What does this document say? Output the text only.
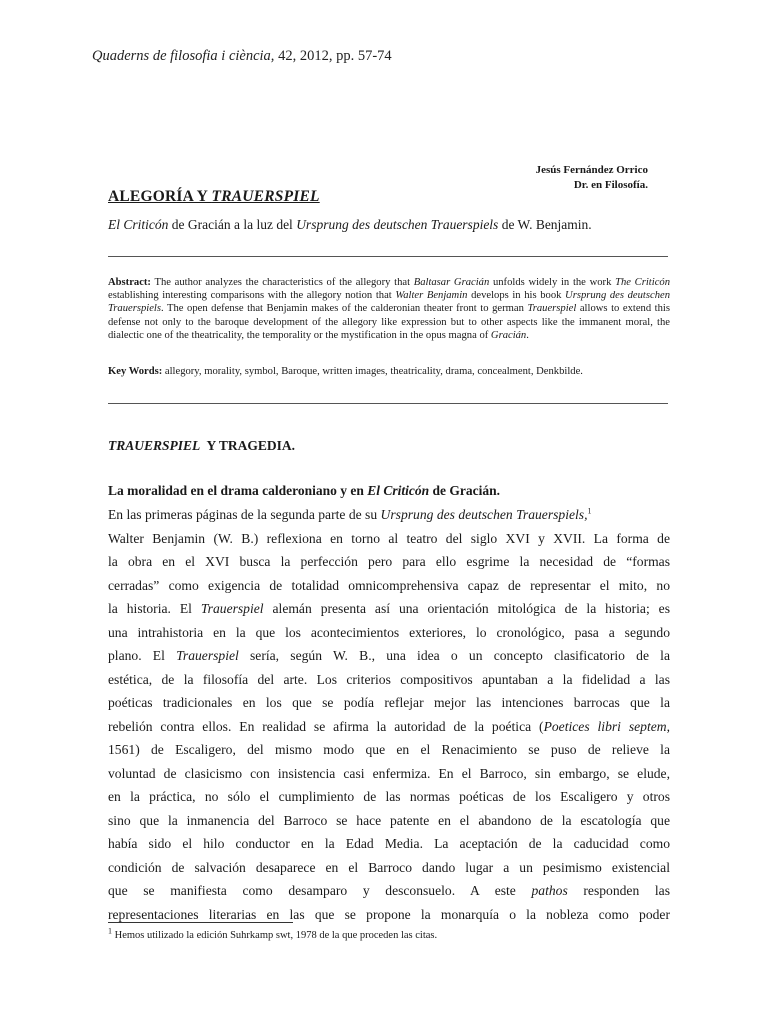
Quaderns de filosofia i ciència, 42, 2012, pp. 57-74
Jesús Fernández Orrico
Dr. en Filosofía.
ALEGORÍA Y TRAUERSPIEL
El Criticón de Gracián a la luz del Ursprung des deutschen Trauerspiels de W. Benjamin.
Abstract: The author analyzes the characteristics of the allegory that Baltasar Gracián unfolds widely in the work The Criticón establishing interesting comparisons with the allegory notion that Walter Benjamin develops in his book Ursprung des deutschen Trauerspiels. The open defense that Benjamin makes of the calderonian theater front to german Trauerspiel allows to extend this defense not only to the baroque development of the allegory like expression but to other aspects like the immanent moral, the dialectic one of the theatricality, the temporality or the mystification in the opus magna of Gracián.
Key Words: allegory, morality, symbol, Baroque, written images, theatricality, drama, concealment, Denkbilde.
TRAUERSPIEL  Y TRAGEDIA.
La moralidad en el drama calderoniano y en El Criticón de Gracián.
En las primeras páginas de la segunda parte de su Ursprung des deutschen Trauerspiels,$^1$
Walter Benjamin (W. B.) reflexiona en torno al teatro del siglo XVI y XVII. La forma de
la obra en el XVI busca la perfección pero para ello esgrime la necesidad de “formas
cerradas” como exigencia de totalidad omnicomprehensiva capaz de representar el mito, no
la historia. El Trauerspiel alemán presenta así una orientación mitológica de la historia; es
una intrahistoria en la que los acontecimientos exteriores, lo cronológico, pasa a segundo
plano. El Trauerspiel sería, según W. B., una idea o un concepto clasificatorio de la
estética, de la filosofía del arte. Los criterios compositivos apuntaban a la fidelidad a las
poéticas tradicionales en los que se podía reflejar mejor las intenciones barrocas que la
rebelión contra ellos. En realidad se afirma la autoridad de la poética (Poetices libri septem,
1561) de Escaligero, del mismo modo que en el Renacimiento se puso de relieve la
voluntad de clasicismo con insistencia casi enfermiza. En el Barroco, sin embargo, se elude,
en la práctica, no sólo el cumplimiento de las normas poéticas de los Escaligero y otros
sino que la inmanencia del Barroco se hace patente en el abandono de la escatología que
había sido el hilo conductor en la Edad Media. La aceptación de la caducidad como
condición de salvación desaparece en el Barroco dando lugar a un pesimismo existencial
que se manifiesta como desamparo y desconsuelo. A este pathos responden las
representaciones literarias en las que se propone la monarquía o la nobleza como poder
$^1$ Hemos utilizado la edición Suhrkamp swt, 1978 de la que proceden las citas.
